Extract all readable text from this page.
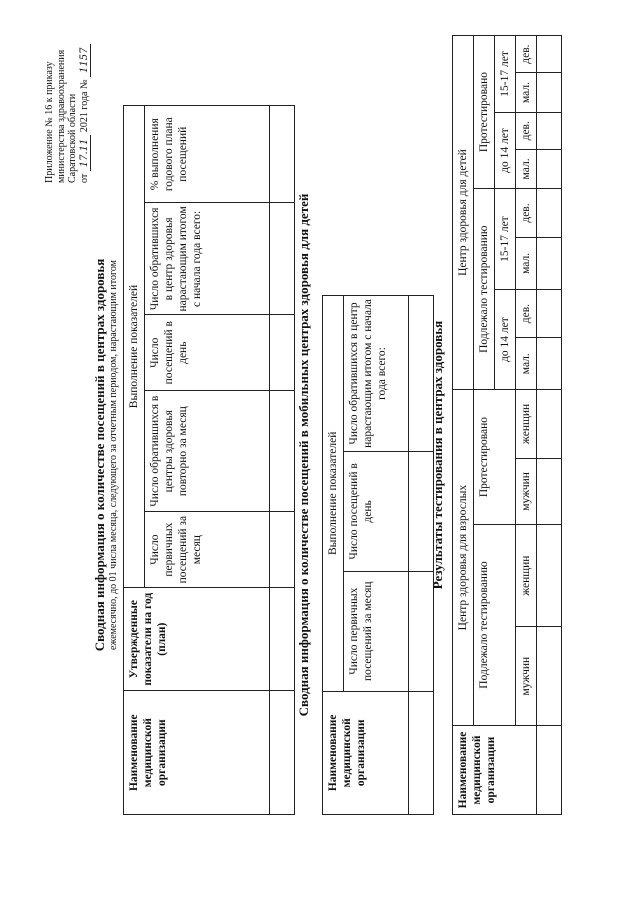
Приложение № 16 к приказу министерства здравоохранения Саратовской области от 17.11 2021 года № 1157
Сводная информация о количестве посещений в центрах здоровья ежемесячно, до 01 числа месяца, следующего за отчетным периодом, нарастающим итогом
Наименование медицинской организации	Утвержденные показатели на год (план)	Выполнение показателей				
		Число первичных посещений за месяц	Число обратившихся в центры здоровья повторно за месяц	Число посещений в день	Число обратившихся в центр здоровья нарастающим итогом с начала года всего:	% выполнения годового плана посещений

Сводная информация о количестве посещений в мобильных центрах здоровья для детей
Наименование медицинской организации	Выполнение показателей		
	Число первичных посещений за месяц	Число посещений в день	Число обратившихся в центр нарастающим итогом с начала года всего:
				Результаты тестирования в центрах здоровья
Наименование медицинской организации	Центр здоровья для взрослых				Центр здоровья для детей							
	Подлежало тестированию		Протестировано		Подлежало тестированию				Протестировано			
					до 14 лет		15-17 лет		до 14 лет		15-17 лет	
	мужчин	женщин	мужчин	женщин	мал.	дев.	мал.	дев.	мал.	дев.	мал.	дев.
